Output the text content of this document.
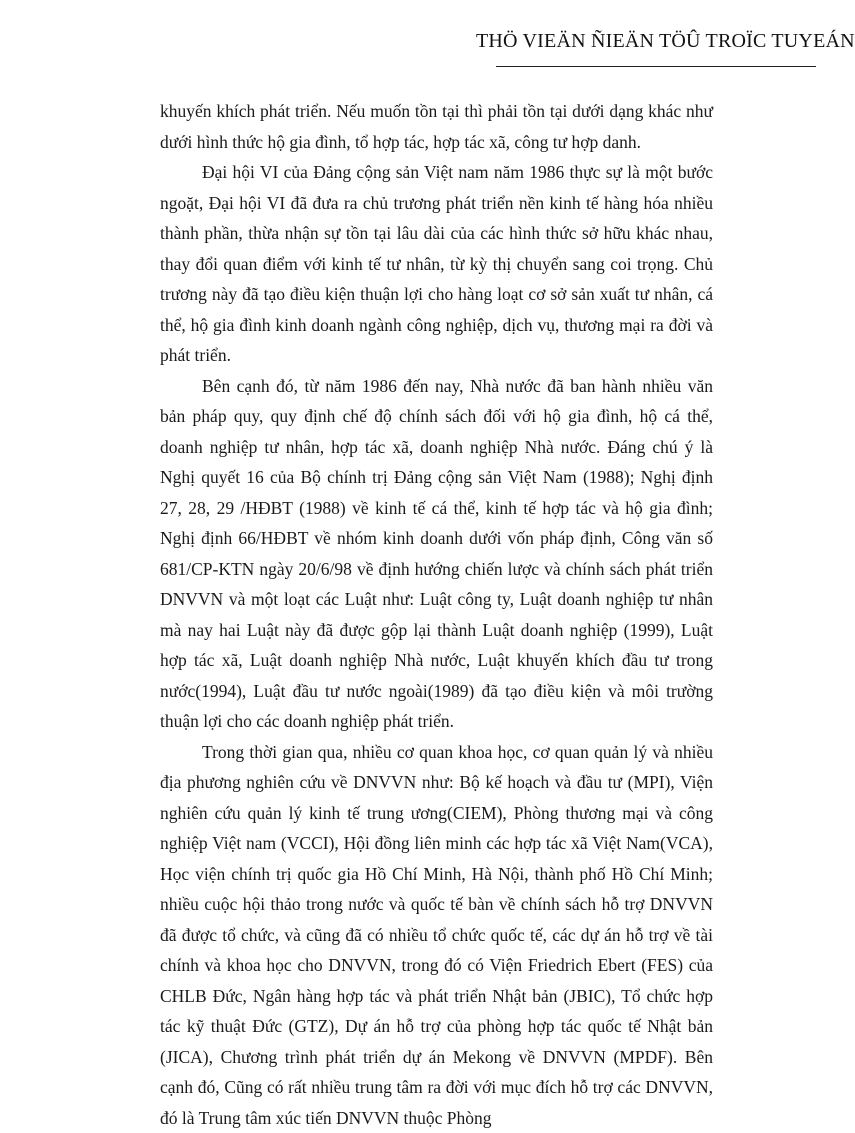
THÖ VIEÄN ÑIEÄN TÖÛ TROÏC TUYEÁN

khuyến khích phát triển. Nếu muốn tồn tại thì phải tồn tại dưới dạng khác như dưới hình thức hộ gia đình, tổ hợp tác, hợp tác xã, công tư hợp danh.

Đại hội VI của Đảng cộng sản Việt nam năm 1986 thực sự là một bước ngoặt, Đại hội VI đã đưa ra chủ trương phát triển nền kinh tế hàng hóa nhiều thành phần, thừa nhận sự tồn tại lâu dài của các hình thức sở hữu khác nhau, thay đổi quan điểm với kinh tế tư nhân, từ kỳ thị chuyển sang coi trọng. Chủ trương này đã tạo điều kiện thuận lợi cho hàng loạt cơ sở sản xuất tư nhân, cá thể, hộ gia đình kinh doanh ngành công nghiệp, dịch vụ, thương mại ra đời và phát triển.

Bên cạnh đó, từ năm 1986 đến nay, Nhà nước đã ban hành nhiều văn bản pháp quy, quy định chế độ chính sách đối với hộ gia đình, hộ cá thể, doanh nghiệp tư nhân, hợp tác xã, doanh nghiệp Nhà nước. Đáng chú ý là Nghị quyết 16 của Bộ chính trị Đảng cộng sản Việt Nam (1988); Nghị định 27, 28, 29 /HĐBT (1988) về kinh tế cá thể, kinh tế hợp tác và hộ gia đình; Nghị định 66/HĐBT về nhóm kinh doanh dưới vốn pháp định, Công văn số 681/CP-KTN ngày 20/6/98 về định hướng chiến lược và chính sách phát triển DNVVN và một loạt các Luật như: Luật công ty, Luật doanh nghiệp tư nhân mà nay hai Luật này đã được gộp lại thành Luật doanh nghiệp (1999), Luật hợp tác xã, Luật doanh nghiệp Nhà nước, Luật khuyến khích đầu tư trong nước(1994), Luật đầu tư nước ngoài(1989) đã tạo điều kiện và môi trường thuận lợi cho các doanh nghiệp phát triển.

Trong thời gian qua, nhiều cơ quan khoa học, cơ quan quản lý và nhiều địa phương nghiên cứu về DNVVN như: Bộ kế hoạch và đầu tư (MPI), Viện nghiên cứu quản lý kinh tế trung ương(CIEM), Phòng thương mại và công nghiệp Việt nam (VCCI), Hội đồng liên minh các hợp tác xã Việt Nam(VCA), Học viện chính trị quốc gia Hồ Chí Minh, Hà Nội, thành phố Hồ Chí Minh; nhiều cuộc hội thảo trong nước và quốc tế bàn về chính sách hỗ trợ DNVVN đã được tổ chức, và cũng đã có nhiều tổ chức quốc tế, các dự án hỗ trợ về tài chính và khoa học cho DNVVN, trong đó có Viện Friedrich Ebert (FES) của CHLB Đức, Ngân hàng hợp tác và phát triển Nhật bản (JBIC), Tổ chức hợp tác kỹ thuật Đức (GTZ), Dự án hỗ trợ của phòng hợp tác quốc tế Nhật bản (JICA), Chương trình phát triển dự án Mekong về DNVVN (MPDF). Bên cạnh đó, Cũng có rất nhiều trung tâm ra đời với mục đích hỗ trợ các DNVVN, đó là Trung tâm xúc tiến DNVVN thuộc Phòng
